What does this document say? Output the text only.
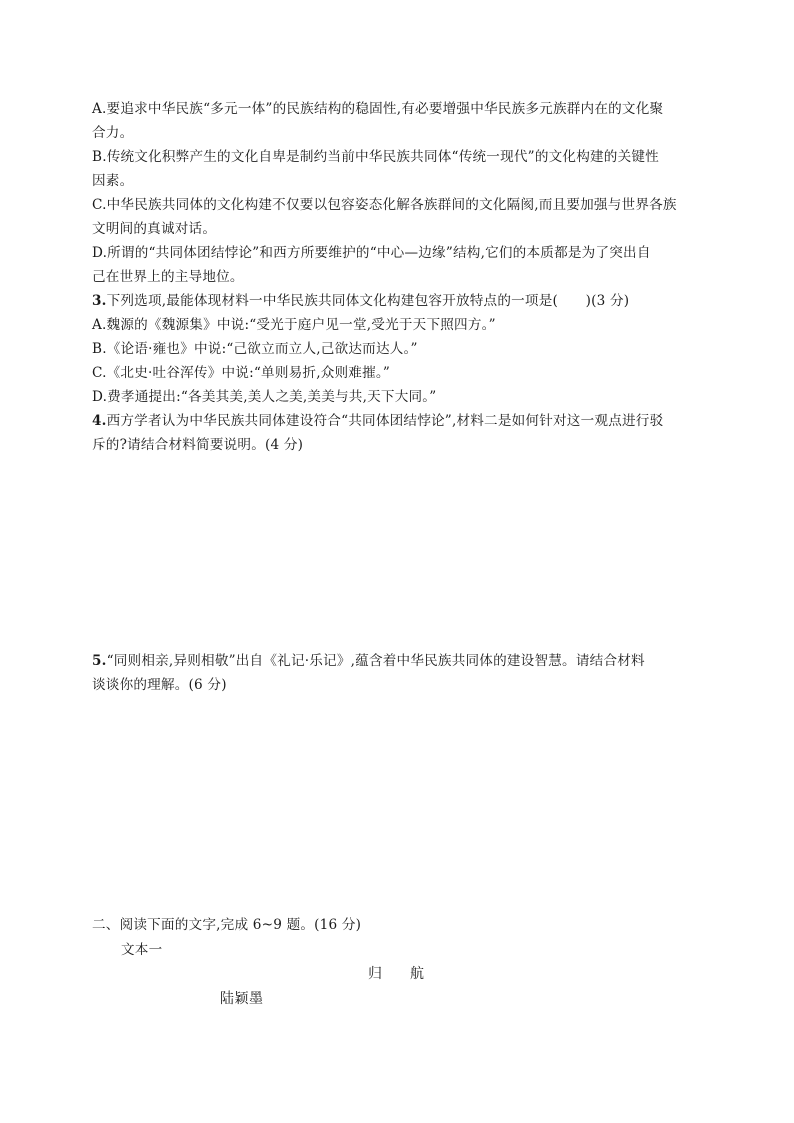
A.要追求中华民族“多元一体”的民族结构的稳固性,有必要增强中华民族多元族群内在的文化聚
合力。
B.传统文化积弊产生的文化自卑是制约当前中华民族共同体“传统一现代”的文化构建的关键性
因素。
C.中华民族共同体的文化构建不仅要以包容姿态化解各族群间的文化隔阂,而且要加强与世界各族
文明间的真诚对话。
D.所谓的“共同体团结悖论”和西方所要维护的“中心—边缘”结构,它们的本质都是为了突出自
己在世界上的主导地位。
3.下列选项,最能体现材料一中华民族共同体文化构建包容开放特点的一项是(　　)(3 分)
A.魏源的《魏源集》中说:“受光于庭户见一堂,受光于天下照四方。”
B.《论语·雍也》中说:“己欲立而立人,己欲达而达人。”
C.《北史·吐谷浑传》中说:“单则易折,众则难摧。”
D.费孝通提出:“各美其美,美人之美,美美与共,天下大同。”
4.西方学者认为中华民族共同体建设符合“共同体团结悖论”,材料二是如何针对这一观点进行驳
斥的?请结合材料简要说明。(4 分)
5.“同则相亲,异则相敬”出自《礼记·乐记》,蕴含着中华民族共同体的建设智慧。请结合材料
谈谈你的理解。(6 分)
二、阅读下面的文字,完成 6~9 题。(16 分)
文本一
归 航
陆颖墨
